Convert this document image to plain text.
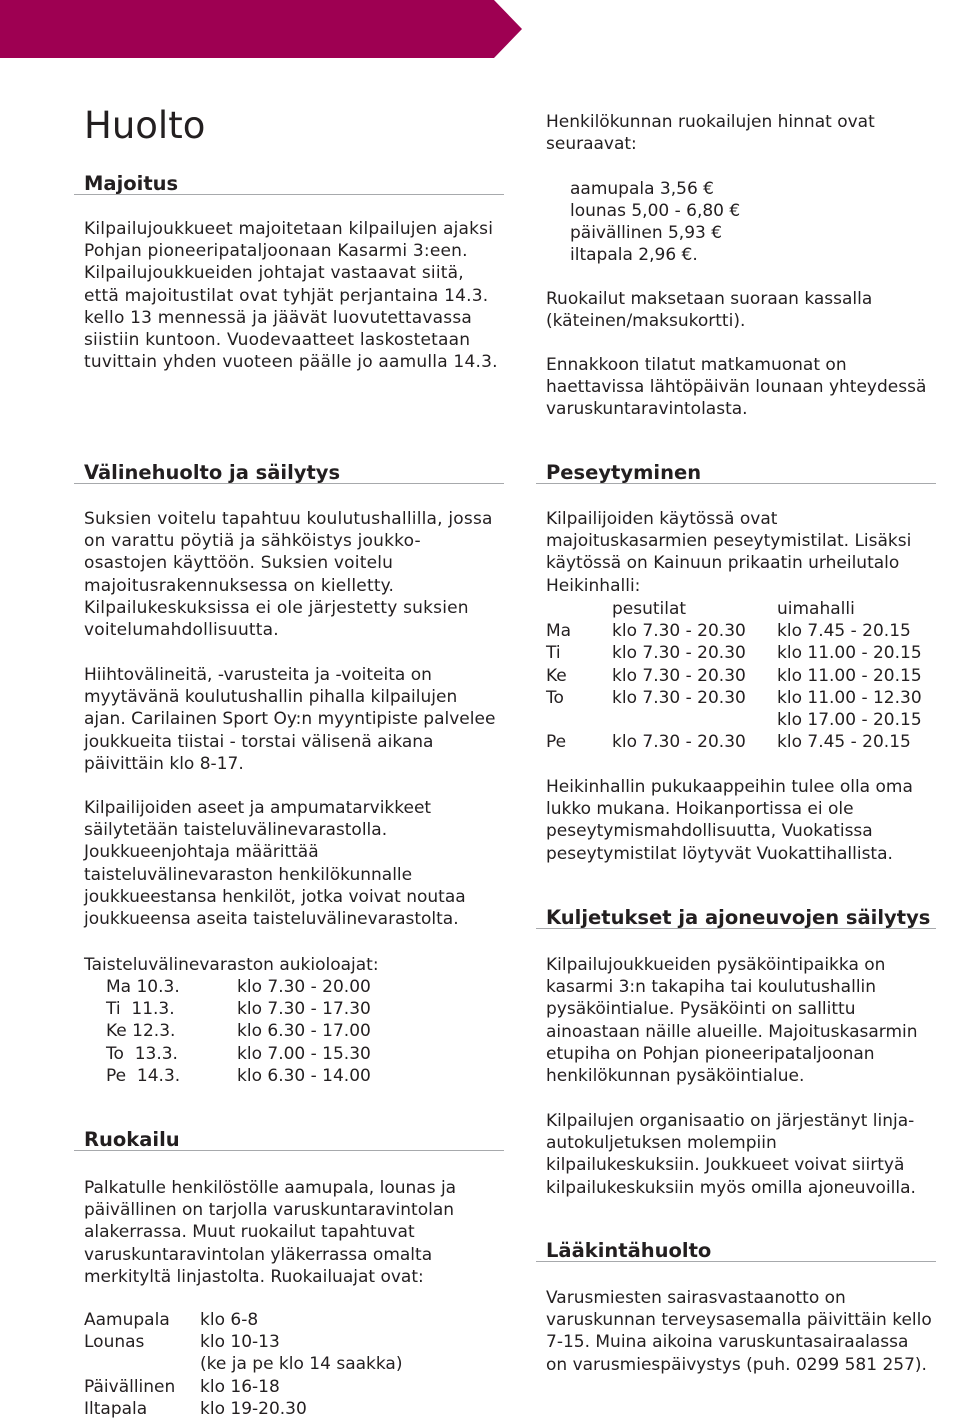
Huolto
Majoitus

Kilpailujoukkueet majoitetaan kilpailujen ajaksi Pohjan pioneeripataljoonaan Kasarmi 3:een. Kilpailujoukkueiden johtajat vastaavat siitä, että majoitustilat ovat tyhjät perjantaina 14.3. kello 13 mennessä ja jäävät luovutettavassa siistiin kuntoon. Vuodevaatteet laskostetaan tuvittain yhden vuoteen päälle jo aamulla 14.3.

Välinehuolto ja säilytys

Suksien voitelu tapahtuu koulutushallilla, jossa on varattu pöytiä ja sähköistys joukko-osastojen käyttöön. Suksien voitelu majoitusrakennuksessa on kielletty. Kilpailukeskuksissa ei ole järjestetty suksien voitelumahdollisuutta.

Hiihtovälineitä, -varusteita ja -voiteita on myytävänä koulutushallin pihalla kilpailujen ajan. Carilainen Sport Oy:n myyntipiste palvelee joukkueita tiistai - torstai välisenä aikana päivittäin klo 8-17.

Kilpailijoiden aseet ja ampumatarvikkeet säilytetään taisteluvälinevarastolla. Joukkueenjohtaja määrittää taisteluvälinevaraston henkilökunnalle joukkueestansa henkilöt, jotka voivat noutaa joukkueensa aseita taisteluvälinevarastolta.

Taisteluvälinevaraston aukioloajat:
Ma 10.3.	klo 7.30 - 20.00
Ti  11.3.	klo 7.30 - 17.30
Ke 12.3.	klo 6.30 - 17.00
To  13.3.	klo 7.00 - 15.30
Pe  14.3.	klo 6.30 - 14.00
Ruokailu

Palkatulle henkilöstölle aamupala, lounas ja päivällinen on tarjolla varuskuntaravintolan alakerrassa. Muut ruokailut tapahtuvat varuskuntaravintolan yläkerrassa omalta merkityltä linjastolta. Ruokailuajat ovat:

Aamupala	klo 6-8
Lounas	klo 10-13
	(ke ja pe klo 14 saakka)
Päivällinen	klo 16-18
Iltapala	klo 19-20.30

Henkilökunnan ruokailujen hinnat ovat seuraavat:

aamupala 3,56 €
lounas 5,00 - 6,80 €
päivällinen 5,93 €
iltapala 2,96 €.

Ruokailut maksetaan suoraan kassalla (käteinen/maksukortti).

Ennakkoon tilatut matkamuonat on haettavissa lähtöpäivän lounaan yhteydessä varuskuntaravintolasta.

Peseytyminen

Kilpailijoiden käytössä ovat majoituskasarmien peseytymistilat. Lisäksi käytössä on Kainuun prikaatin urheilutalo Heikinhalli:

	pesutilat	uimahalli
Ma	klo 7.30 - 20.30	klo 7.45 - 20.15
Ti	klo 7.30 - 20.30	klo 11.00 - 20.15
Ke	klo 7.30 - 20.30	klo 11.00 - 20.15
To	klo 7.30 - 20.30	klo 11.00 - 12.30
		klo 17.00 - 20.15
Pe	klo 7.30 - 20.30	klo 7.45 - 20.15

Heikinhallin pukukaappeihin tulee olla oma lukko mukana. Hoikanportissa ei ole peseytymismahdollisuutta, Vuokatissa peseytymistilat löytyvät Vuokattihallista.

Kuljetukset ja ajoneuvojen säilytys

Kilpailujoukkueiden pysäköintipaikka on kasarmi 3:n takapiha tai koulutushallin pysäköintialue. Pysäköinti on sallittu ainoastaan näille alueille. Majoituskasarmin etupiha on Pohjan pioneeripataljoonan henkilökunnan pysäköintialue.

Kilpailujen organisaatio on järjestänyt linja-autokuljetuksen molempiin kilpailukeskuksiin. Joukkueet voivat siirtyä kilpailukeskuksiin myös omilla ajoneuvoilla.

Lääkintähuolto

Varusmiesten sairasvastaanotto on varuskunnan terveysasemalla päivittäin kello 7-15. Muina aikoina varuskuntasairaalassa on varusmiespäivystys (puh. 0299 581 257).
